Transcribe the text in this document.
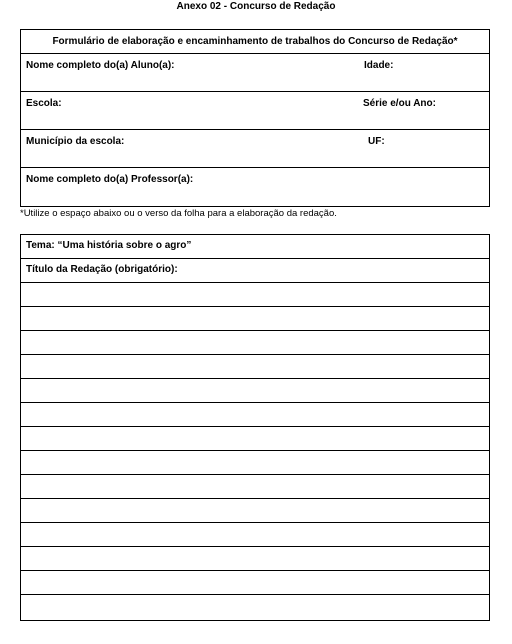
Anexo 02 - Concurso de Redação
Formulário de elaboração e encaminhamento de trabalhos do Concurso de Redação*
Nome completo do(a) Aluno(a):	Idade:
Escola:	Série e/ou Ano:
Município da escola:	UF:
Nome completo do(a) Professor(a):
*Utilize o espaço abaixo ou o verso da folha para a elaboração da redação.
Tema: “Uma história sobre o agro”
Título da Redação (obrigatório):
